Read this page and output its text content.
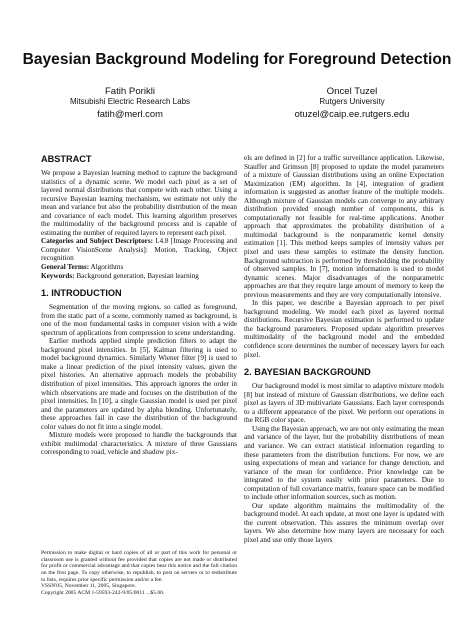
Bayesian Background Modeling for Foreground Detection
Fatih Porikli
Mitsubishi Electric Research Labs
fatih@merl.com
Oncel Tuzel
Rutgers University
otuzel@caip.ee.rutgers.edu
ABSTRACT

We propose a Bayesian learning method to capture the background statistics of a dynamic scene. We model each pixel as a set of layered normal distributions that compete with each other. Using a recursive Bayesian learning mechanism, we estimate not only the mean and variance but also the probability distribution of the mean and covariance of each model. This learning algorithm preserves the multimodality of the background process and is capable of estimating the number of required layers to represent each pixel.

Categories and Subject Descriptors: I.4.8 [Image Processing and Computer VisionScene Analysis]: Motion, Tracking, Object recognition

General Terms: Algorithms

Keywords: Background generation, Bayesian learning

1. INTRODUCTION

Segmentation of the moving regions, so called as foreground, from the static part of a scene, commonly named as background, is one of the most fundamental tasks in computer vision with a wide spectrum of applications from compression to scene understanding.

Earlier methods applied simple prediction filters to adapt the background pixel intensities. In [5], Kalman filtering is used to model background dynamics. Similarly Wiener filter [9] is used to make a linear prediction of the pixel intensity values, given the pixel histories. An alternative approach models the probability distribution of pixel intensities. This approach ignores the order in which observations are made and focuses on the distribution of the pixel intensities. In [10], a single Gaussian model is used per pixel and the parameters are updated by alpha blending. Unfortunately, these approaches fail in case the distribution of the background color values do not fit into a single model.

Mixture models were proposed to handle the backgrounds that exhibit multimodal characteristics. A mixture of three Gaussians corresponding to road, vehicle and shadow pix-

Permission to make digital or hard copies of all or part of this work for personal or classroom use is granted without fee provided that copies are not made or distributed for profit or commercial advantage and that copies bear this notice and the full citation on the first page. To copy otherwise, to republish, to post on servers or to redistribute to lists, requires prior specific permission and/or a fee.

VSSN'05, November 11, 2005, Singapore.

Copyright 2005 ACM 1-59593-242-9/05/0011 ...$5.00.

els are defined in [2] for a traffic surveillance application. Likewise, Stauffer and Grimson [8] proposed to update the model parameters of a mixture of Gaussian distributions using an online Expectation Maximization (EM) algorithm. In [4], integration of gradient information is suggested as another feature of the multiple models. Although mixture of Gaussian models can converge to any arbitrary distribution provided enough number of components, this is computationally not feasible for real-time applications. Another approach that approximates the probability distribution of a multimodal background is the nonparametric kernel density estimation [1]. This method keeps samples of intensity values per pixel and uses these samples to estimate the density function. Background subtraction is performed by thresholding the probability of observed samples. In [7], motion information is used to model dynamic scenes. Major disadvantages of the nonparametric approaches are that they require large amount of memory to keep the previous measurements and they are very computationally intensive.

In this paper, we describe a Bayesian approach to per pixel background modeling. We model each pixel as layered normal distributions. Recursive Bayesian estimation is performed to update the background parameters. Proposed update algorithm preserves multimodality of the background model and the embedded confidence score determines the number of necessary layers for each pixel.

2. BAYESIAN BACKGROUND

Our background model is most similar to adaptive mixture models [8] but instead of mixture of Gaussian distributions, we define each pixel as layers of 3D multivariate Gaussians. Each layer corresponds to a different appearance of the pixel. We perform our operations in the RGB color space.

Using the Bayesian approach, we are not only estimating the mean and variance of the layer, but the probability distributions of mean and variance. We can extract statistical information regarding to these parameters from the distribution functions. For now, we are using expectations of mean and variance for change detection, and variance of the mean for confidence. Prior knowledge can be integrated to the system easily with prior parameters. Due to computation of full covariance matrix, feature space can be modified to include other information sources, such as motion.

Our update algorithm maintains the multimodality of the background model. At each update, at most one layer is updated with the current observation. This assures the minimum overlap over layers. We also determine how many layers are necessary for each pixel and use only those layers
